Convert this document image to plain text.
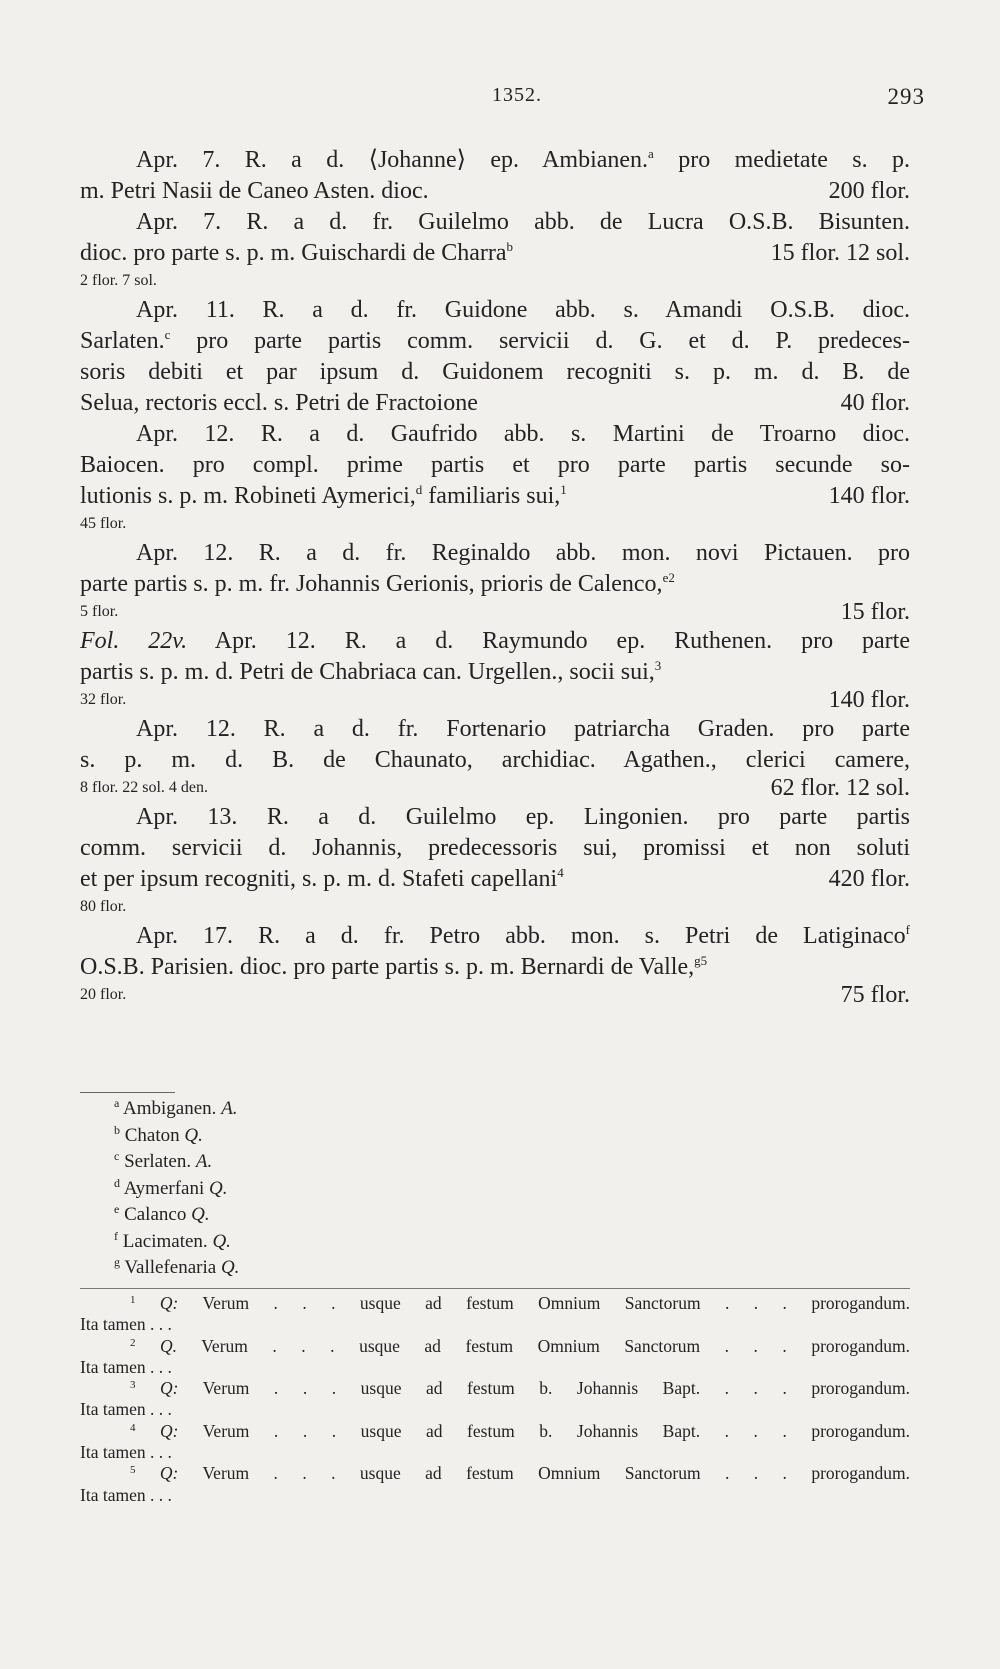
1352.	293
Apr. 7. R. a d. ⟨Johanne⟩ ep. Ambianen.$^a$ pro medietate s. p.
m. Petri Nasii de Caneo Asten. dioc.	200 flor.
Apr. 7. R. a d. fr. Guilelmo abb. de Lucra O.S.B. Bisunten.
dioc. pro parte s. p. m. Guischardi de Charra$^b$	15 flor. 12 sol.
2 flor. 7 sol.
Apr. 11. R. a d. fr. Guidone abb. s. Amandi O.S.B. dioc.
Sarlaten.$^c$ pro parte partis comm. servicii d. G. et d. P. predeces-
soris debiti et par ipsum d. Guidonem recogniti s. p. m. d. B. de
Selua, rectoris eccl. s. Petri de Fractoione	40 flor.
Apr. 12. R. a d. Gaufrido abb. s. Martini de Troarno dioc.
Baiocen. pro compl. prime partis et pro parte partis secunde so-
lutionis s. p. m. Robineti Aymerici,$^d$ familiaris sui,$^1$	140 flor.
45 flor.
Apr. 12. R. a d. fr. Reginaldo abb. mon. novi Pictauen. pro
parte partis s. p. m. fr. Johannis Gerionis, prioris de Calenco,$^{e2}$
5 flor.	15 flor.
Fol. 22v. Apr. 12. R. a d. Raymundo ep. Ruthenen. pro parte
partis s. p. m. d. Petri de Chabriaca can. Urgellen., socii sui,$^3$
32 flor.	140 flor.
Apr. 12. R. a d. fr. Fortenario patriarcha Graden. pro parte
s. p. m. d. B. de Chaunato, archidiac. Agathen., clerici camere,
8 flor. 22 sol. 4 den.	62 flor. 12 sol.
Apr. 13. R. a d. Guilelmo ep. Lingonien. pro parte partis
comm. servicii d. Johannis, predecessoris sui, promissi et non soluti
et per ipsum recogniti, s. p. m. d. Stafeti capellani$^4$	420 flor.
80 flor.
Apr. 17. R. a d. fr. Petro abb. mon. s. Petri de Latiginaco$^f$
O.S.B. Parisien. dioc. pro parte partis s. p. m. Bernardi de Valle,$^{g5}$
20 flor.	75 flor.
$^a$ Ambiganen. A.
$^b$ Chaton Q.
$^c$ Serlaten. A.
$^d$ Aymerfani Q.
$^e$ Calanco Q.
$^f$ Lacimaten. Q.
$^g$ Vallefenaria Q.
$^1$ Q: Verum . . . usque ad festum Omnium Sanctorum . . . prorogandum.
Ita tamen . . .
$^2$ Q. Verum . . . usque ad festum Omnium Sanctorum . . . prorogandum.
Ita tamen . . .
$^3$ Q: Verum . . . usque ad festum b. Johannis Bapt. . . . prorogandum.
Ita tamen . . .
$^4$ Q: Verum . . . usque ad festum b. Johannis Bapt. . . . prorogandum.
Ita tamen . . .
$^5$ Q: Verum . . . usque ad festum Omnium Sanctorum . . . prorogandum.
Ita tamen . . .
